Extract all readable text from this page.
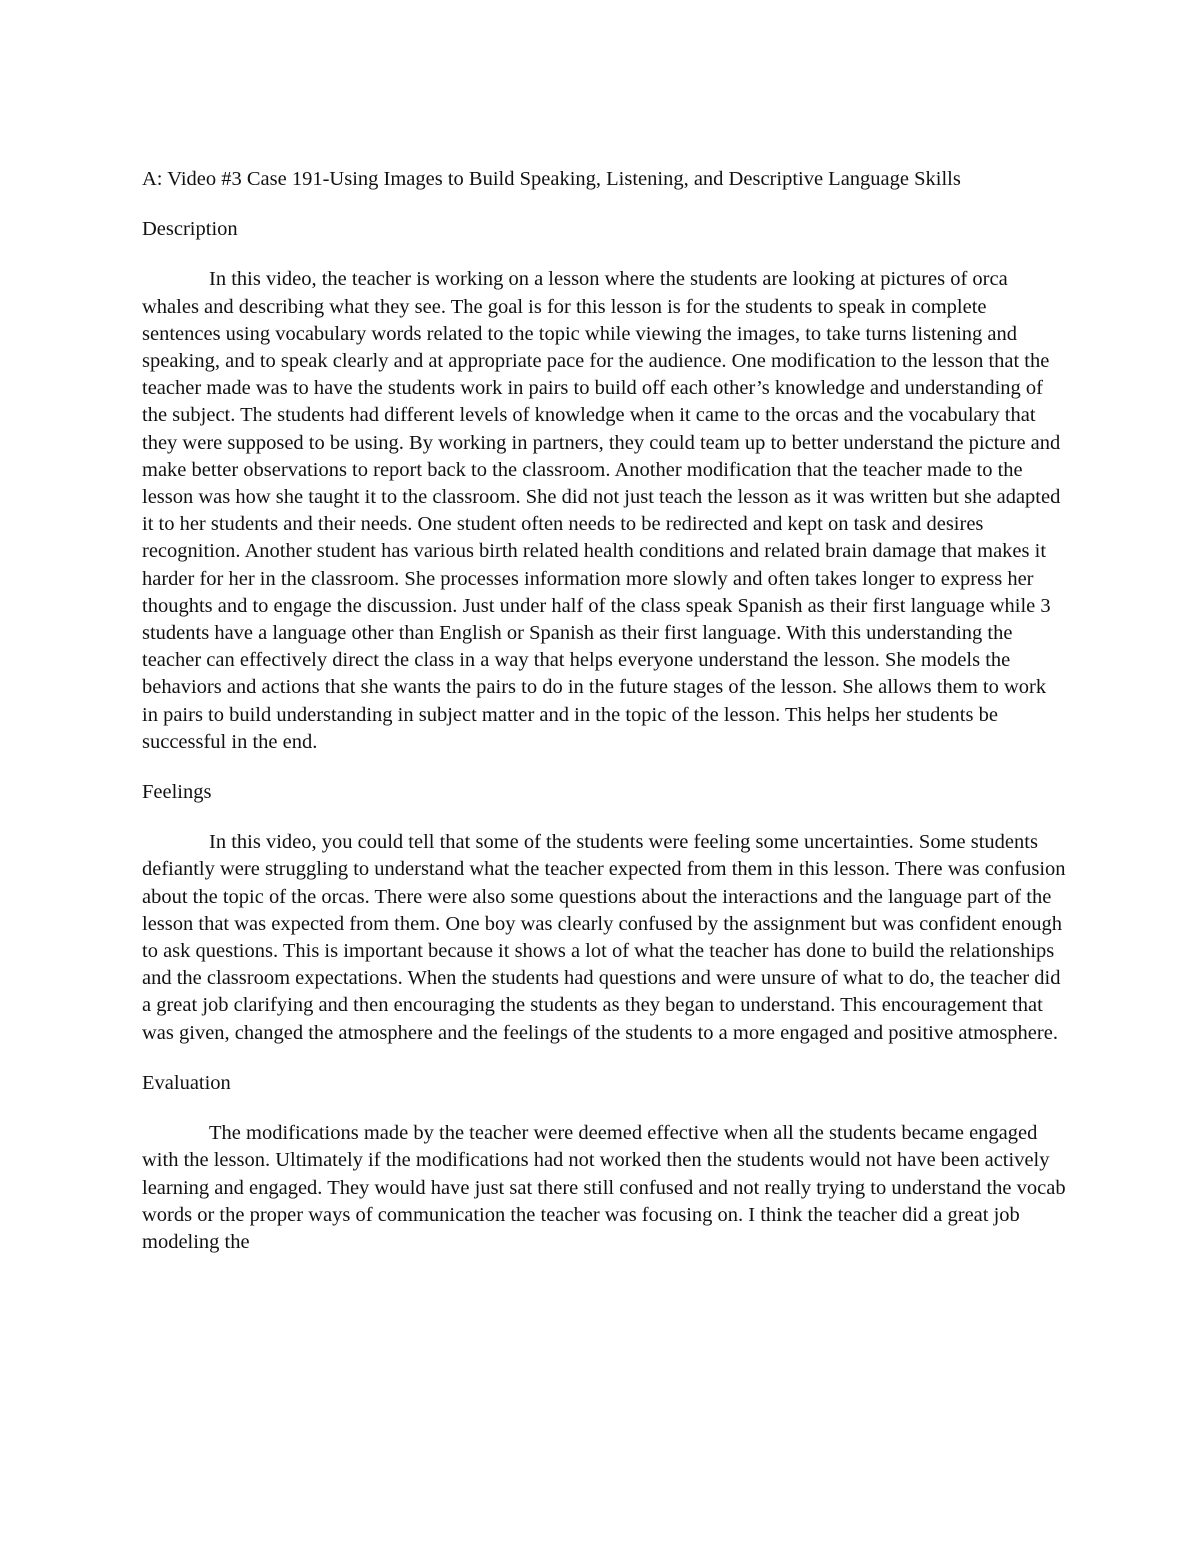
A: Video #3 Case 191-Using Images to Build Speaking, Listening, and Descriptive Language Skills

Description

In this video, the teacher is working on a lesson where the students are looking at pictures of orca whales and describing what they see. The goal is for this lesson is for the students to speak in complete sentences using vocabulary words related to the topic while viewing the images, to take turns listening and speaking, and to speak clearly and at appropriate pace for the audience. One modification to the lesson that the teacher made was to have the students work in pairs to build off each other’s knowledge and understanding of the subject. The students had different levels of knowledge when it came to the orcas and the vocabulary that they were supposed to be using. By working in partners, they could team up to better understand the picture and make better observations to report back to the classroom. Another modification that the teacher made to the lesson was how she taught it to the classroom. She did not just teach the lesson as it was written but she adapted it to her students and their needs. One student often needs to be redirected and kept on task and desires recognition. Another student has various birth related health conditions and related brain damage that makes it harder for her in the classroom. She processes information more slowly and often takes longer to express her thoughts and to engage the discussion. Just under half of the class speak Spanish as their first language while 3 students have a language other than English or Spanish as their first language. With this understanding the teacher can effectively direct the class in a way that helps everyone understand the lesson. She models the behaviors and actions that she wants the pairs to do in the future stages of the lesson. She allows them to work in pairs to build understanding in subject matter and in the topic of the lesson. This helps her students be successful in the end.

Feelings

In this video, you could tell that some of the students were feeling some uncertainties. Some students defiantly were struggling to understand what the teacher expected from them in this lesson. There was confusion about the topic of the orcas. There were also some questions about the interactions and the language part of the lesson that was expected from them. One boy was clearly confused by the assignment but was confident enough to ask questions. This is important because it shows a lot of what the teacher has done to build the relationships and the classroom expectations. When the students had questions and were unsure of what to do, the teacher did a great job clarifying and then encouraging the students as they began to understand. This encouragement that was given, changed the atmosphere and the feelings of the students to a more engaged and positive atmosphere.

Evaluation

The modifications made by the teacher were deemed effective when all the students became engaged with the lesson. Ultimately if the modifications had not worked then the students would not have been actively learning and engaged. They would have just sat there still confused and not really trying to understand the vocab words or the proper ways of communication the teacher was focusing on. I think the teacher did a great job modeling the
